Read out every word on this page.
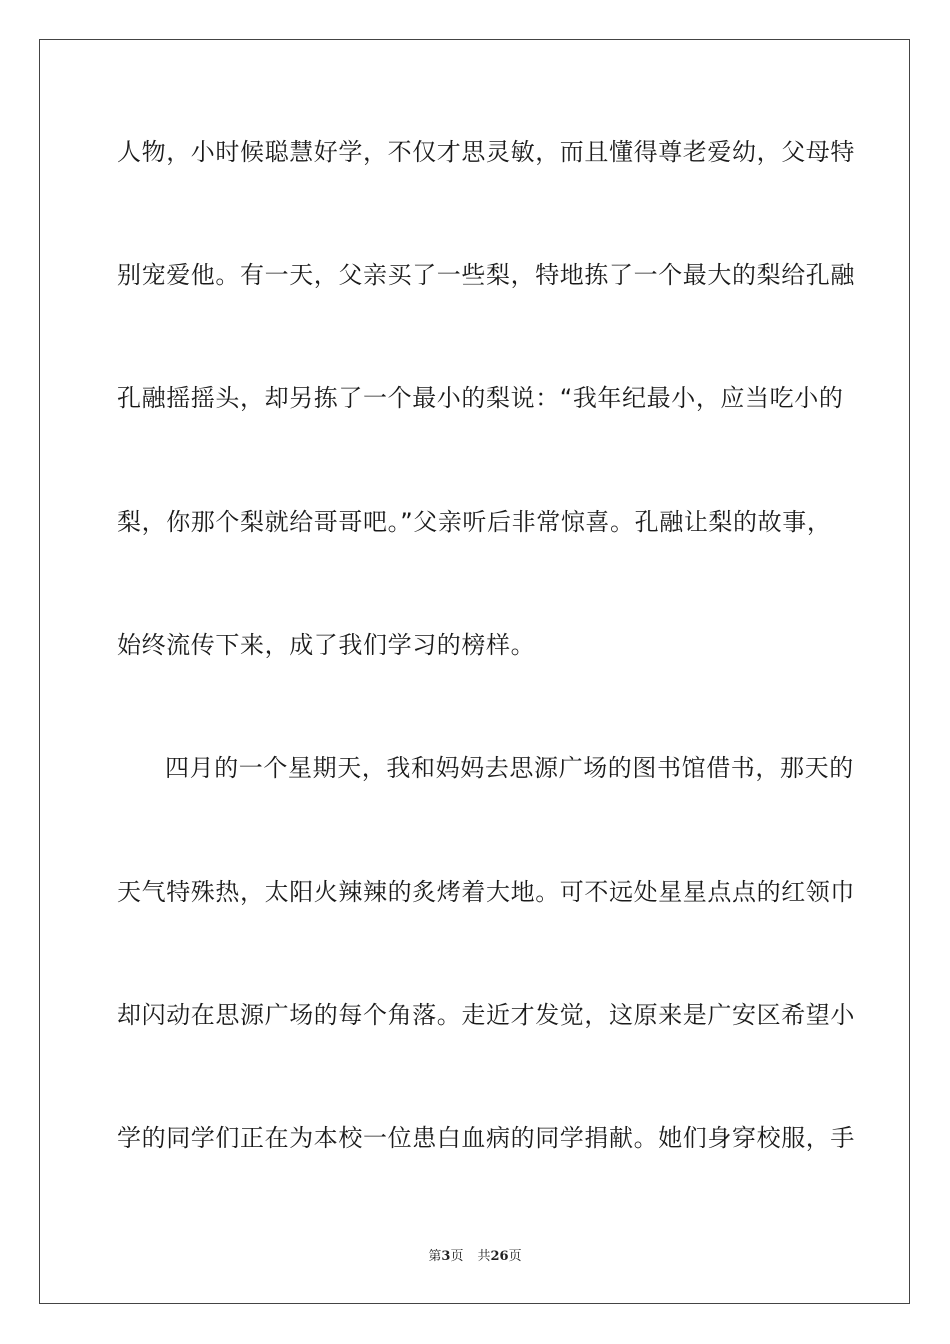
人物，小时候聪慧好学，不仅才思灵敏，而且懂得尊老爱幼，父母特
别宠爱他。有一天，父亲买了一些梨，特地拣了一个最大的梨给孔融
孔融摇摇头，却另拣了一个最小的梨说：“我年纪最小，应当吃小的
梨，你那个梨就给哥哥吧。”父亲听后非常惊喜。孔融让梨的故事，
始终流传下来，成了我们学习的榜样。
四月的一个星期天，我和妈妈去思源广场的图书馆借书，那天的
天气特殊热，太阳火辣辣的炙烤着大地。可不远处星星点点的红领巾
却闪动在思源广场的每个角落。走近才发觉，这原来是广安区希望小
学的同学们正在为本校一位患白血病的同学捐献。她们身穿校服，手
第3页 共26页
